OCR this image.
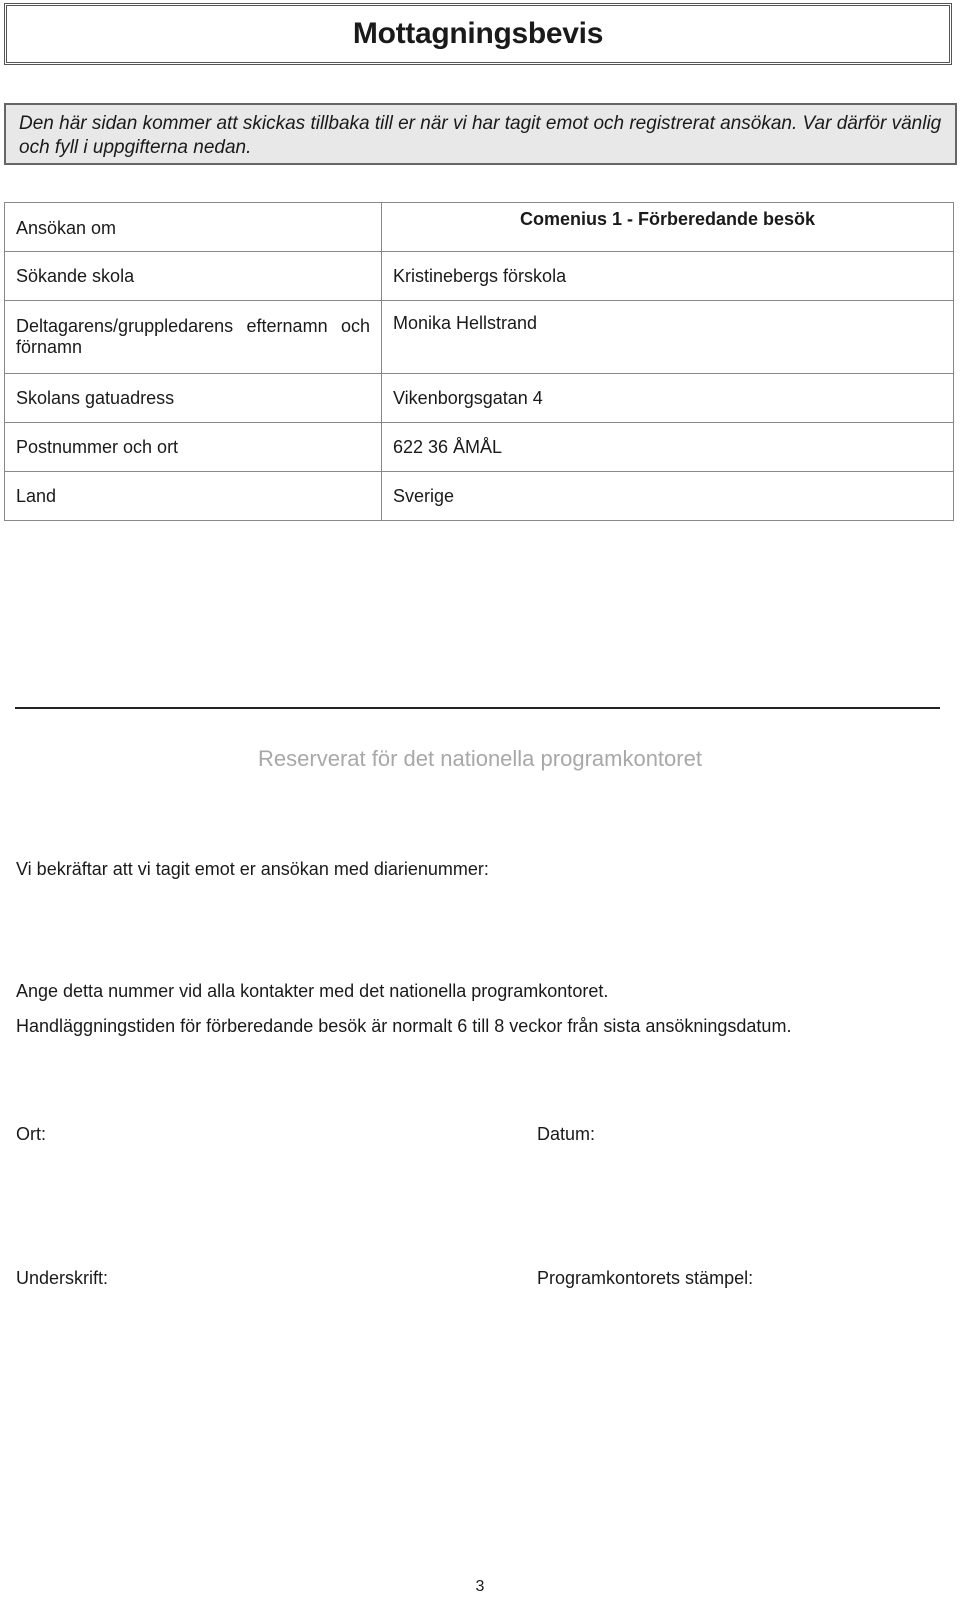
Mottagningsbevis
Den här sidan kommer att skickas tillbaka till er när vi har tagit emot och registrerat ansökan. Var därför vänlig och fyll i uppgifterna nedan.
Ansökan om	Comenius 1 - Förberedande besök
Sökande skola	Kristinebergs förskola

Deltagarens/gruppledarens efternamn och
förnamn	Monika Hellstrand
Skolans gatuadress	Vikenborgsgatan 4
Postnummer och ort	622 36 ÅMÅL
Land	Sverige
Reserverat för det nationella programkontoret
Vi bekräftar att vi tagit emot er ansökan med diarienummer:
Ange detta nummer vid alla kontakter med det nationella programkontoret.
Handläggningstiden för förberedande besök är normalt 6 till 8 veckor från sista ansökningsdatum.
Ort:	Datum:
Underskrift:	Programkontorets stämpel:
3
